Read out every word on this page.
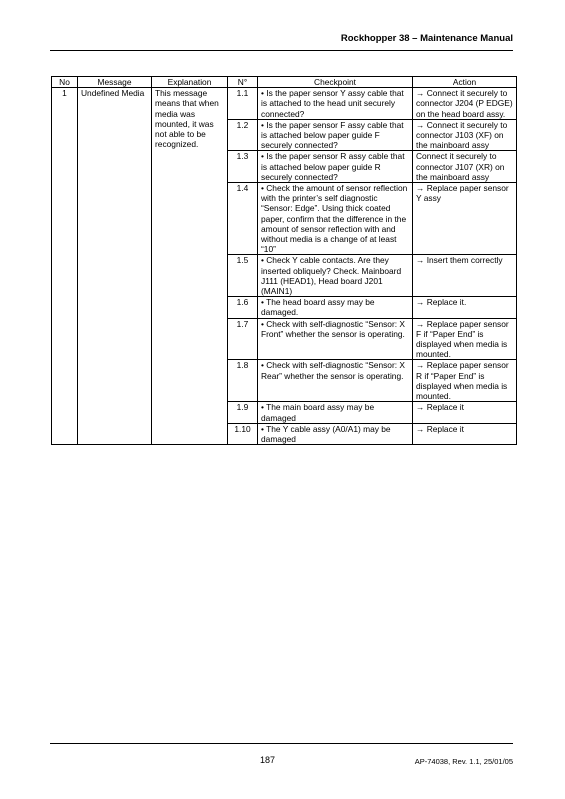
Rockhopper 38 – Maintenance Manual
No	Message	Explanation	N°	Checkpoint	Action
1	Undefined Media	This message means that when media was mounted, it was not able to be recognized.	1.1	• Is the paper sensor Y assy cable that is attached to the head unit securely connected?	→ Connect it securely to connector J204 (P EDGE) on the head board assy.
			1.2	• Is the paper sensor F assy cable that is attached below paper guide F securely connected?	→ Connect it securely to connector J103 (XF) on the mainboard assy
			1.3	• Is the paper sensor R assy cable that is attached below paper guide R securely connected?	Connect it securely to connector J107 (XR) on the mainboard assy
			1.4	• Check the amount of sensor reflection with the printer’s self diagnostic “Sensor: Edge”. Using thick coated paper, confirm that the difference in the amount of sensor reflection with and without media is a change of at least “10”	→ Replace paper sensor Y assy
			1.5	• Check Y cable contacts. Are they inserted obliquely? Check. Mainboard J111 (HEAD1), Head board J201 (MAIN1)	→ Insert them correctly
			1.6	• The head board assy may be damaged.	→ Replace it.
			1.7	• Check with self-diagnostic “Sensor: X Front” whether the sensor is operating.	→ Replace paper sensor F if “Paper End” is displayed when media is mounted.
			1.8	• Check with self-diagnostic “Sensor: X Rear” whether the sensor is operating.	→ Replace paper sensor R if “Paper End” is displayed when media is mounted.
			1.9	• The main board assy may be damaged	→ Replace it
			1.10	• The Y cable assy (A0/A1) may be damaged	→ Replace it
187	AP-74038, Rev. 1.1, 25/01/05
